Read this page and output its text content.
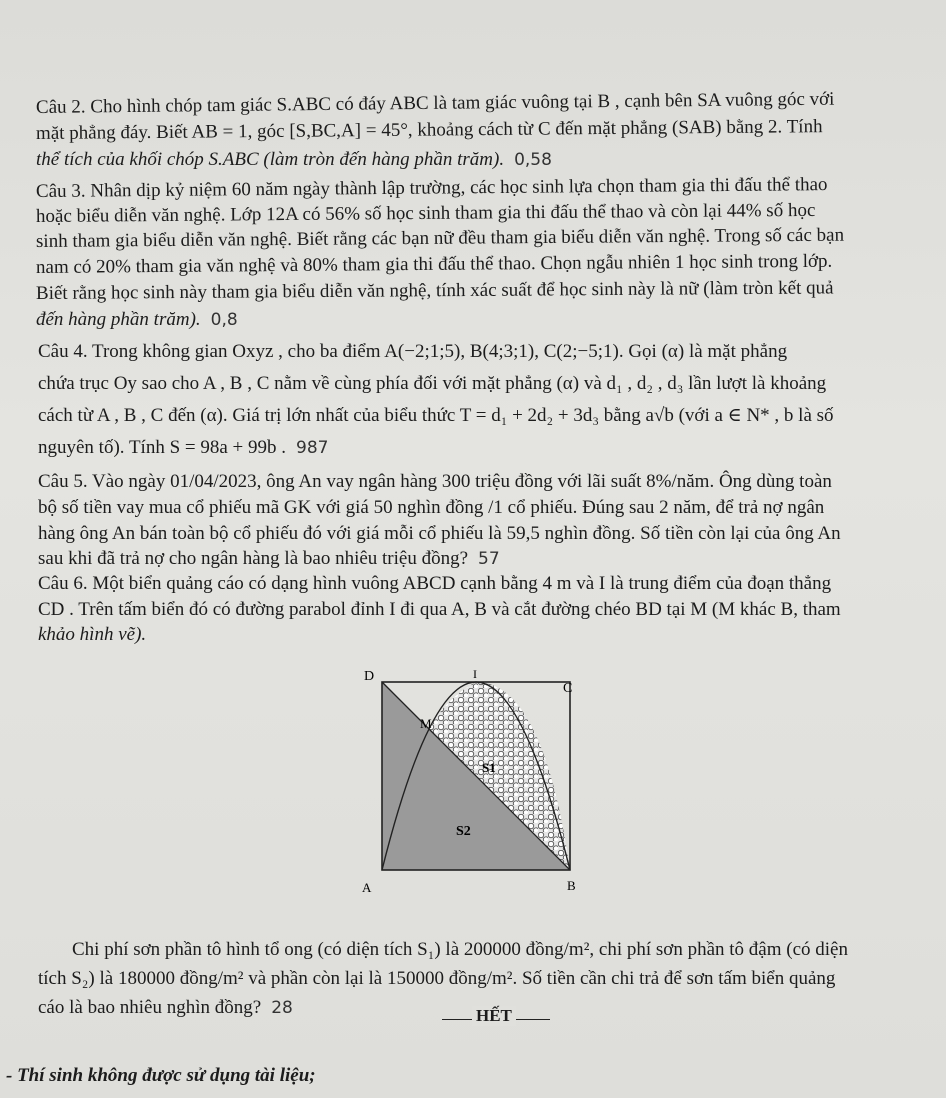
Câu 2. Cho hình chóp tam giác S.ABC có đáy ABC là tam giác vuông tại B , cạnh bên SA vuông góc với
mặt phẳng đáy. Biết AB = 1, góc [S,BC,A] = 45°, khoảng cách từ C đến mặt phẳng (SAB) bằng 2. Tính
thể tích của khối chóp S.ABC (làm tròn đến hàng phần trăm). 0,58
Câu 3. Nhân dịp kỷ niệm 60 năm ngày thành lập trường, các học sinh lựa chọn tham gia thi đấu thể thao
hoặc biểu diễn văn nghệ. Lớp 12A có 56% số học sinh tham gia thi đấu thể thao và còn lại 44% số học
sinh tham gia biểu diễn văn nghệ. Biết rằng các bạn nữ đều tham gia biểu diễn văn nghệ. Trong số các bạn
nam có 20% tham gia văn nghệ và 80% tham gia thi đấu thể thao. Chọn ngẫu nhiên 1 học sinh trong lớp.
Biết rằng học sinh này tham gia biểu diễn văn nghệ, tính xác suất để học sinh này là nữ (làm tròn kết quả
đến hàng phần trăm). 0,8
Câu 4. Trong không gian Oxyz , cho ba điểm A(−2;1;5), B(4;3;1), C(2;−5;1). Gọi (α) là mặt phẳng
chứa trục Oy sao cho A , B , C nằm về cùng phía đối với mặt phẳng (α) và d₁ , d₂ , d₃ lần lượt là khoảng
cách từ A , B , C đến (α). Giá trị lớn nhất của biểu thức T = d₁ + 2d₂ + 3d₃ bằng a√b (với a ∈ N* , b là số
nguyên tố). Tính S = 98a + 99b . 987
Câu 5. Vào ngày 01/04/2023, ông An vay ngân hàng 300 triệu đồng với lãi suất 8%/năm. Ông dùng toàn
bộ số tiền vay mua cổ phiếu mã GK với giá 50 nghìn đồng /1 cổ phiếu. Đúng sau 2 năm, để trả nợ ngân
hàng ông An bán toàn bộ cổ phiếu đó với giá mỗi cổ phiếu là 59,5 nghìn đồng. Số tiền còn lại của ông An
sau khi đã trả nợ cho ngân hàng là bao nhiêu triệu đồng? 57
Câu 6. Một biển quảng cáo có dạng hình vuông ABCD cạnh bằng 4 m và I là trung điểm của đoạn thẳng
CD . Trên tấm biển đó có đường parabol đỉnh I đi qua A, B và cắt đường chéo BD tại M (M khác B, tham
khảo hình vẽ).
D	I
C
M
S1
S2
A	B
Chi phí sơn phần tô hình tổ ong (có diện tích S₁) là 200000 đồng/m², chi phí sơn phần tô đậm (có diện
tích S₂) là 180000 đồng/m² và phần còn lại là 150000 đồng/m². Số tiền cần chi trả để sơn tấm biển quảng
cáo là bao nhiêu nghìn đồng? 28	HẾT
- Thí sinh không được sử dụng tài liệu;
